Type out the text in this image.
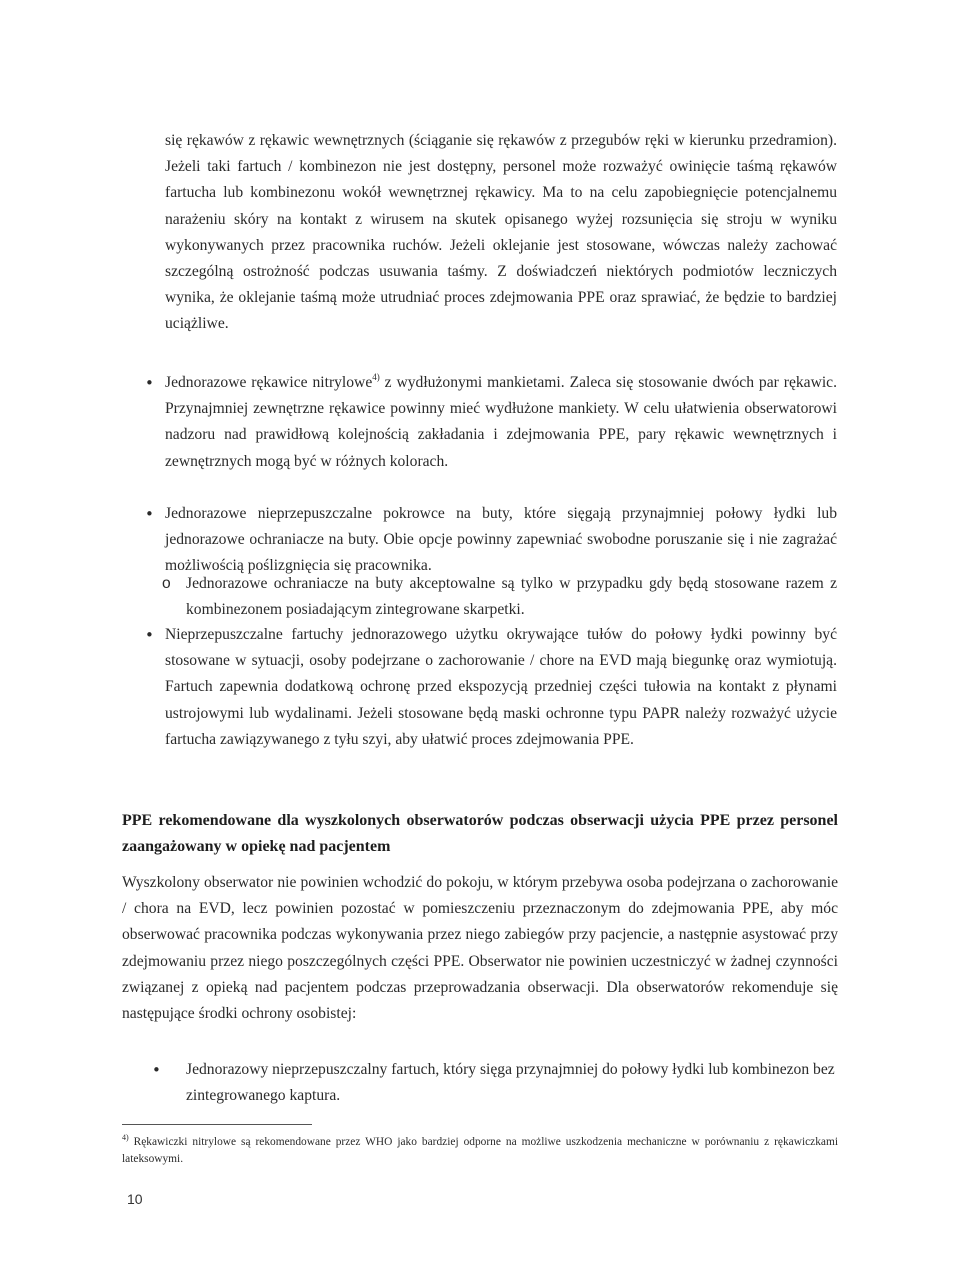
się rękawów z rękawic wewnętrznych (ściąganie się rękawów z przegubów ręki w kierunku przedramion). Jeżeli taki fartuch / kombinezon nie jest dostępny, personel może rozważyć owinięcie taśmą rękawów fartucha lub kombinezonu wokół wewnętrznej rękawicy. Ma to na celu zapobiegnięcie potencjalnemu narażeniu skóry na kontakt z wirusem na skutek opisanego wyżej rozsunięcia się stroju w wyniku wykonywanych przez pracownika ruchów. Jeżeli oklejanie jest stosowane, wówczas należy zachować szczególną ostrożność podczas usuwania taśmy. Z doświadczeń niektórych podmiotów leczniczych wynika, że oklejanie taśmą może utrudniać proces zdejmowania PPE oraz sprawiać, że będzie to bardziej uciążliwe.

• Jednorazowe rękawice nitrylowe$^{4)}$ z wydłużonymi mankietami. Zaleca się stosowanie dwóch par rękawic. Przynajmniej zewnętrzne rękawice powinny mieć wydłużone mankiety. W celu ułatwienia obserwatorowi nadzoru nad prawidłową kolejnością zakładania i zdejmowania PPE, pary rękawic wewnętrznych i zewnętrznych mogą być w różnych kolorach.

• Jednorazowe nieprzepuszczalne pokrowce na buty, które sięgają przynajmniej połowy łydki lub jednorazowe ochraniacze na buty. Obie opcje powinny zapewniać swobodne poruszanie się i nie zagrażać możliwością poślizgnięcia się pracownika.

o Jednorazowe ochraniacze na buty akceptowalne są tylko w przypadku gdy będą stosowane razem z kombinezonem posiadającym zintegrowane skarpetki.

• Nieprzepuszczalne fartuchy jednorazowego użytku okrywające tułów do połowy łydki powinny być stosowane w sytuacji, osoby podejrzane o zachorowanie / chore na EVD mają biegunkę oraz wymiotują. Fartuch zapewnia dodatkową ochronę przed ekspozycją przedniej części tułowia na kontakt z płynami ustrojowymi lub wydalinami. Jeżeli stosowane będą maski ochronne typu PAPR należy rozważyć użycie fartucha zawiązywanego z tyłu szyi, aby ułatwić proces zdejmowania PPE.

PPE rekomendowane dla wyszkolonych obserwatorów podczas obserwacji użycia PPE przez personel zaangażowany w opiekę nad pacjentem

Wyszkolony obserwator nie powinien wchodzić do pokoju, w którym przebywa osoba podejrzana o zachorowanie / chora na EVD, lecz powinien pozostać w pomieszczeniu przeznaczonym do zdejmowania PPE, aby móc obserwować pracownika podczas wykonywania przez niego zabiegów przy pacjencie, a następnie asystować przy zdejmowaniu przez niego poszczególnych części PPE. Obserwator nie powinien uczestniczyć w żadnej czynności związanej z opieką nad pacjentem podczas przeprowadzania obserwacji. Dla obserwatorów rekomenduje się następujące środki ochrony osobistej:

• Jednorazowy nieprzepuszczalny fartuch, który sięga przynajmniej do połowy łydki lub kombinezon bez zintegrowanego kaptura.

$^{4)}$ Rękawiczki nitrylowe są rekomendowane przez WHO jako bardziej odporne na możliwe uszkodzenia mechaniczne w porównaniu z rękawiczkami lateksowymi.

10
